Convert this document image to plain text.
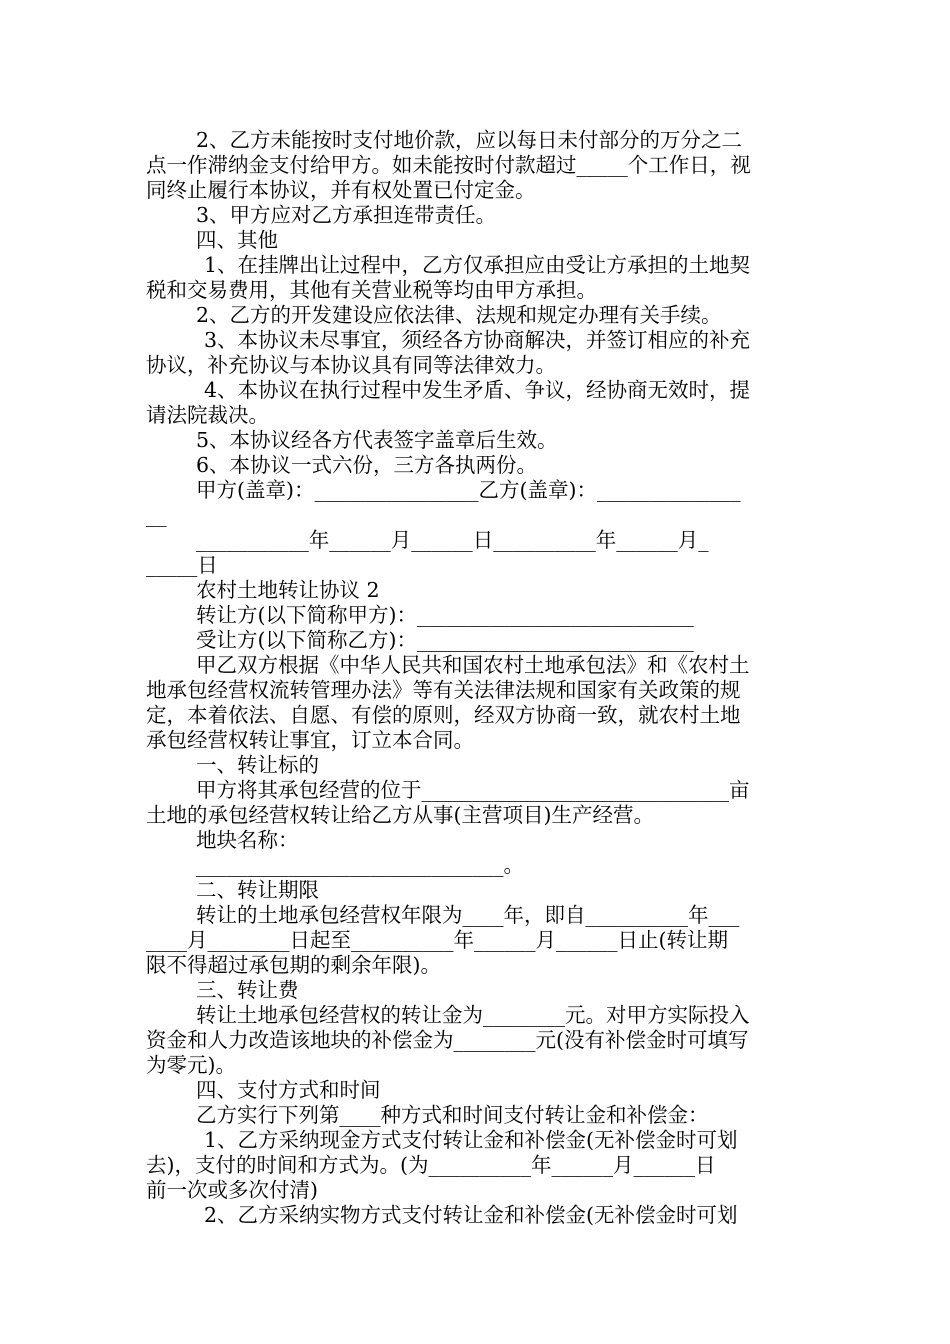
2、乙方未能按时支付地价款，应以每日未付部分的万分之二
点一作滞纳金支付给甲方。如未能按时付款超过_____个工作日，视
同终止履行本协议，并有权处置已付定金。
3、甲方应对乙方承担连带责任。
四、其他
1、在挂牌出让过程中，乙方仅承担应由受让方承担的土地契
税和交易费用，其他有关营业税等均由甲方承担。
2、乙方的开发建设应依法律、法规和规定办理有关手续。
3、本协议未尽事宜，须经各方协商解决，并签订相应的补充
协议，补充协议与本协议具有同等法律效力。
4、本协议在执行过程中发生矛盾、争议，经协商无效时，提
请法院裁决。
5、本协议经各方代表签字盖章后生效。
6、本协议一式六份，三方各执两份。
甲方(盖章)：________________乙方(盖章)：______________
__
___________年______月______日__________年______月_
_____日
农村土地转让协议 2
转让方(以下简称甲方)：___________________________
受让方(以下简称乙方)：___________________________
甲乙双方根据《中华人民共和国农村土地承包法》和《农村土
地承包经营权流转管理办法》等有关法律法规和国家有关政策的规
定，本着依法、自愿、有偿的原则，经双方协商一致，就农村土地
承包经营权转让事宜，订立本合同。
一、转让标的
甲方将其承包经营的位于______________________________亩
土地的承包经营权转让给乙方从事(主营项目)生产经营。
地块名称：
______________________________。
二、转让期限
转让的土地承包经营权年限为____年，即自__________年___
____月________日起至__________年______月______日止(转让期
限不得超过承包期的剩余年限)。
三、转让费
转让土地承包经营权的转让金为________元。对甲方实际投入
资金和人力改造该地块的补偿金为________元(没有补偿金时可填写
为零元)。
四、支付方式和时间
乙方实行下列第____种方式和时间支付转让金和补偿金：
1、乙方采纳现金方式支付转让金和补偿金(无补偿金时可划
去)，支付的时间和方式为。(为__________年______月______日
前一次或多次付清)
2、乙方采纳实物方式支付转让金和补偿金(无补偿金时可划
